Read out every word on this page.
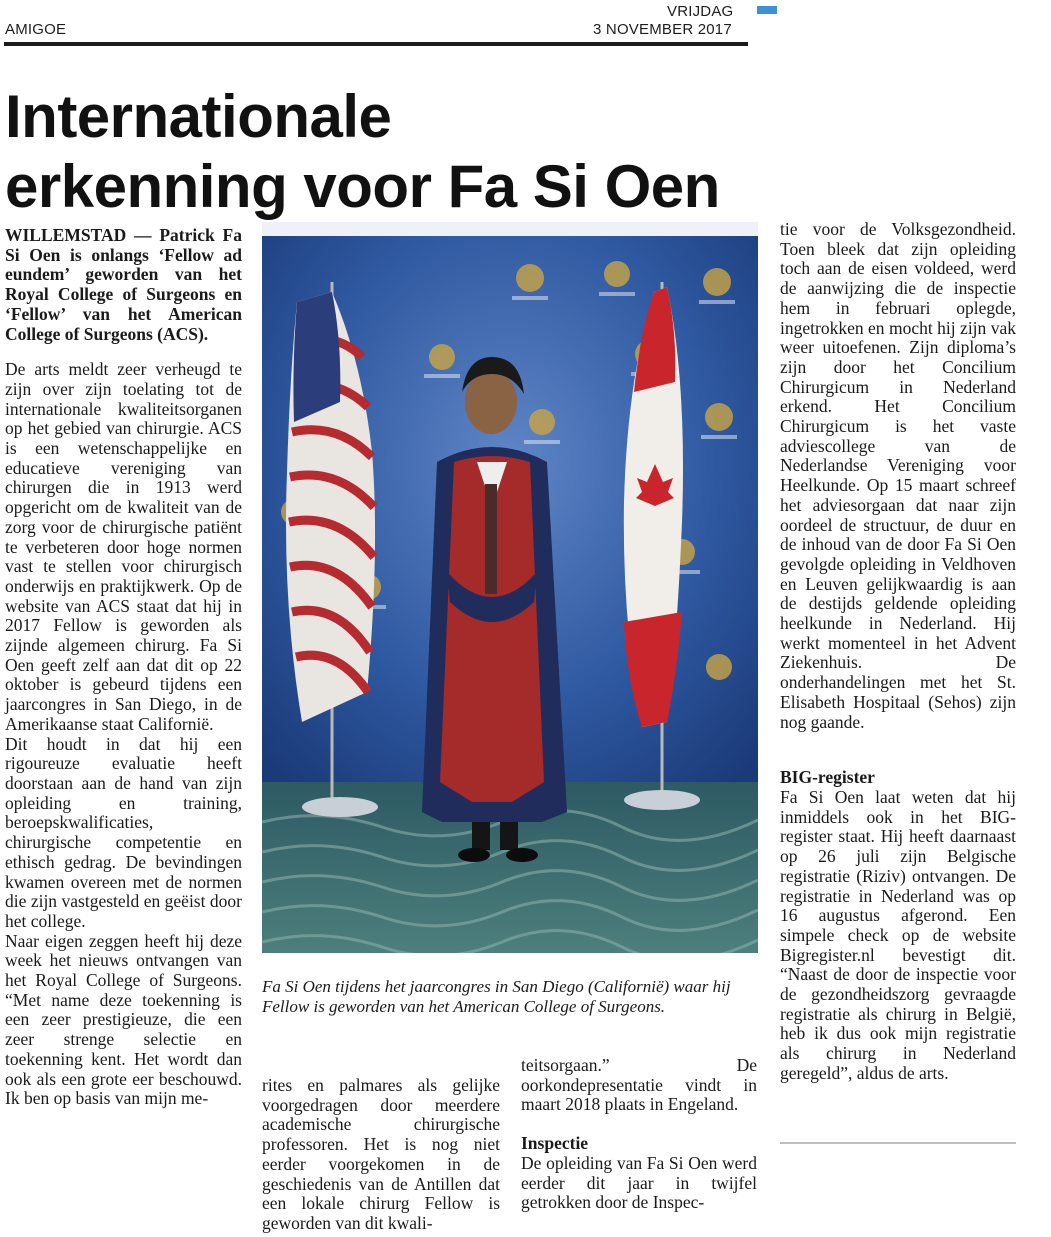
AMIGOE
VRIJDAG
3 NOVEMBER 2017
Internationale
erkenning voor Fa Si Oen

WILLEMSTAD — Patrick Fa Si Oen is onlangs ‘Fellow ad eundem’ geworden van het Royal College of Surgeons en ‘Fellow’ van het American College of Surgeons (ACS).

De arts meldt zeer verheugd te zijn over zijn toelating tot de internationale kwaliteitsorganen op het gebied van chirurgie. ACS is een wetenschappelijke en educatieve vereniging van chirurgen die in 1913 werd opgericht om de kwaliteit van de zorg voor de chirurgische patiënt te verbeteren door hoge normen vast te stellen voor chirurgisch onderwijs en praktijkwerk. Op de website van ACS staat dat hij in 2017 Fellow is geworden als zijnde algemeen chirurg. Fa Si Oen geeft zelf aan dat dit op 22 oktober is gebeurd tijdens een jaarcongres in San Diego, in de Amerikaanse staat Californië.

Dit houdt in dat hij een rigoureuze evaluatie heeft doorstaan aan de hand van zijn opleiding en training, beroepskwalificaties, chirurgische competentie en ethisch gedrag. De bevindingen kwamen overeen met de normen die zijn vastgesteld en geëist door het college.

Naar eigen zeggen heeft hij deze week het nieuws ontvangen van het Royal College of Surgeons. “Met name deze toekenning is een zeer prestigieuze, die een zeer strenge selectie en toekenning kent. Het wordt dan ook als een grote eer beschouwd. Ik ben op basis van mijn me-

Fa Si Oen tijdens het jaarcongres in San Diego (Californië) waar hij Fellow is geworden van het American College of Surgeons.

rites en palmares als gelijke voorgedragen door meerdere academische chirurgische professoren. Het is nog niet eerder voorgekomen in de geschiedenis van de Antillen dat een lokale chirurg Fellow is geworden van dit kwali-

teitsorgaan.” De oorkondepresentatie vindt in maart 2018 plaats in Engeland.

Inspectie

De opleiding van Fa Si Oen werd eerder dit jaar in twijfel getrokken door de Inspec-

tie voor de Volksgezondheid. Toen bleek dat zijn opleiding toch aan de eisen voldeed, werd de aanwijzing die de inspectie hem in februari oplegde, ingetrokken en mocht hij zijn vak weer uitoefenen. Zijn diploma’s zijn door het Concilium Chirurgicum in Nederland erkend. Het Concilium Chirurgicum is het vaste adviescollege van de Nederlandse Vereniging voor Heelkunde. Op 15 maart schreef het adviesorgaan dat naar zijn oordeel de structuur, de duur en de inhoud van de door Fa Si Oen gevolgde opleiding in Veldhoven en Leuven gelijkwaardig is aan de destijds geldende opleiding heelkunde in Nederland. Hij werkt momenteel in het Advent Ziekenhuis. De onderhandelingen met het St. Elisabeth Hospitaal (Sehos) zijn nog gaande.

BIG-register

Fa Si Oen laat weten dat hij inmiddels ook in het BIG-register staat. Hij heeft daarnaast op 26 juli zijn Belgische registratie (Riziv) ontvangen. De registratie in Nederland was op 16 augustus afgerond. Een simpele check op de website Bigregister.nl bevestigt dit. “Naast de door de inspectie voor de gezondheidszorg gevraagde registratie als chirurg in België, heb ik dus ook mijn registratie als chirurg in Nederland geregeld”, aldus de arts.
